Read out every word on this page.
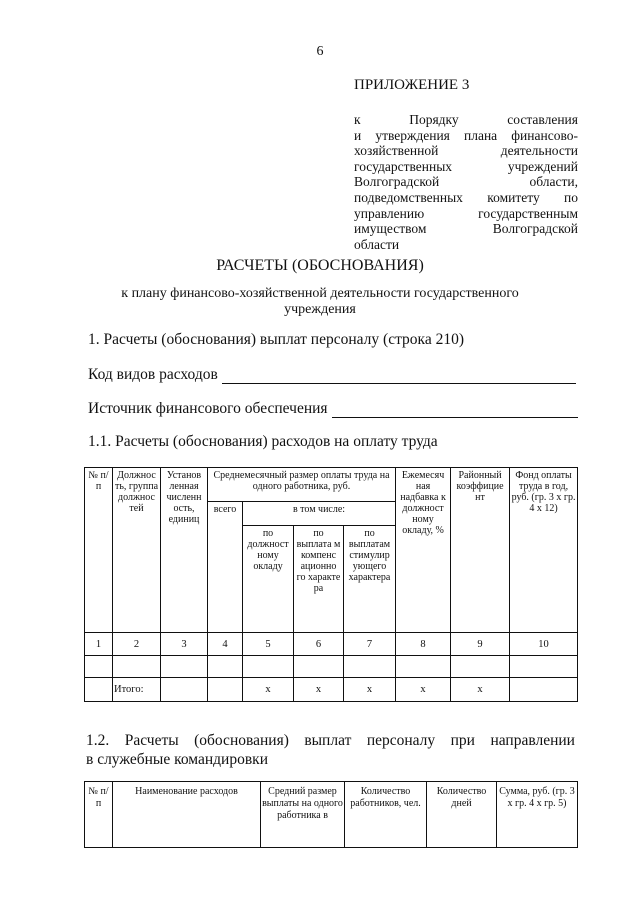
6
ПРИЛОЖЕНИЕ 3
к Порядку составления
и утверждения плана финансово-
хозяйственной деятельности
государственных учреждений
Волгоградской области,
подведомственных комитету по
управлению государственным
имуществом Волгоградской
области
РАСЧЕТЫ (ОБОСНОВАНИЯ)
к плану финансово-хозяйственной деятельности государственного
учреждения
1. Расчеты (обоснования) выплат персоналу (строка 210)
Код видов расходов
Источник финансового обеспечения
1.1. Расчеты (обоснования) расходов на оплату труда
№ п/п	Должнос ть, группа должнос тей	Установ ленная численн ость, единиц	Среднемесячный размер оплаты труда на одного работника, руб.				Ежемесяч ная надбавка к должност ному окладу, %	Районный коэффицие нт	Фонд оплаты труда в год, руб. (гр. 3 х гр. 4 х 12)
			всего	в том числе:					
				по должност ному окладу	по выплата м компенс ационно го характе ра	по выплатам стимулир ующего характера			
1	2	3	4	5	6	7	8	9	10

	Итого:			х	х	х	х	х	
1.2. Расчеты (обоснования) выплат персоналу при направлении
в служебные командировки
№ п/п	Наименование расходов	Средний размер выплаты на одного работника в	Количество работников, чел.	Количество дней	Сумма, руб. (гр. 3 х гр. 4 х гр. 5)
